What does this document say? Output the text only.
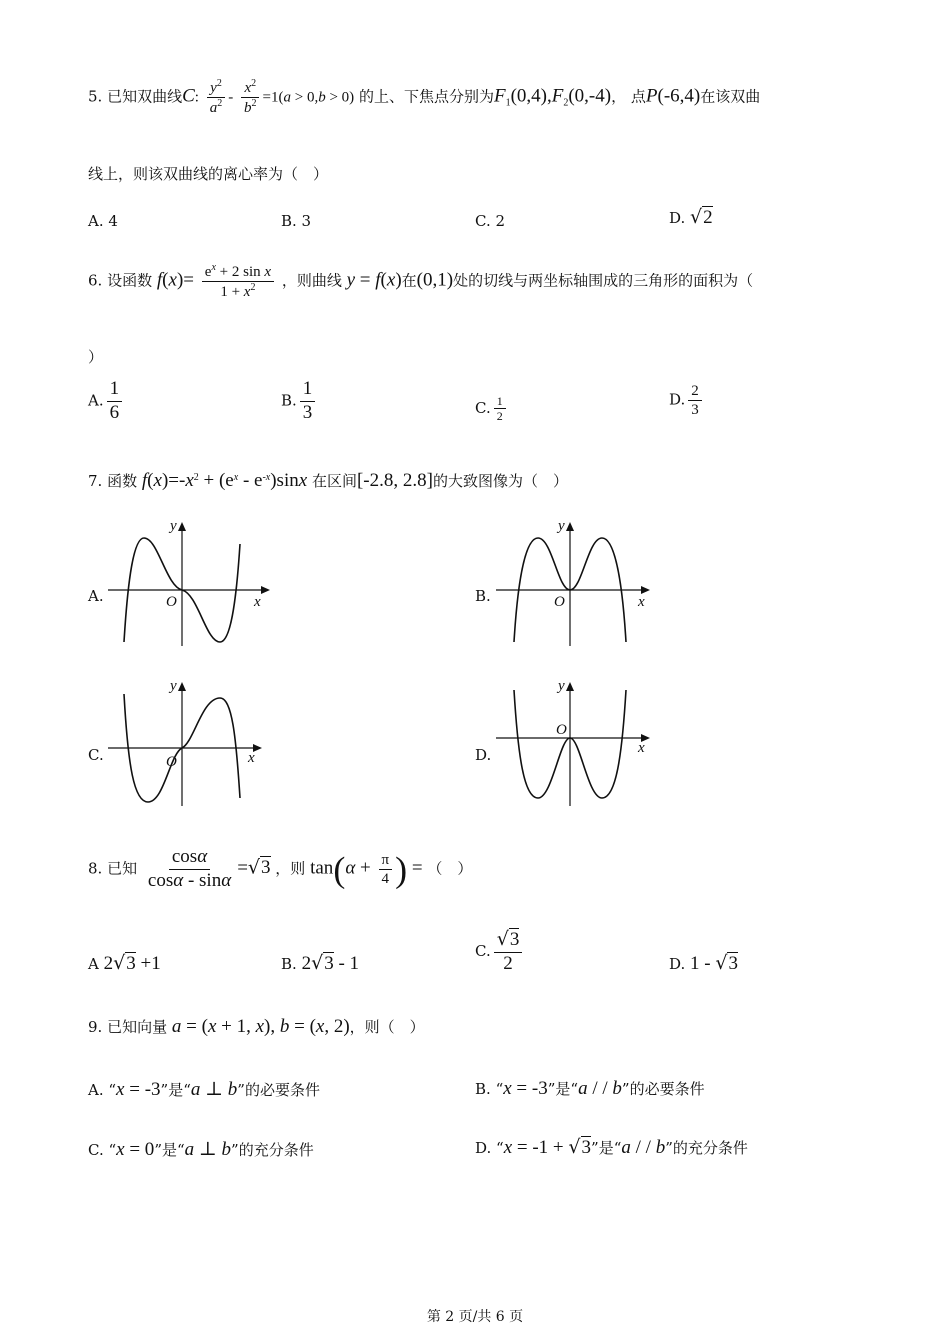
5. 已知双曲线C: $\frac{y^2}{a^2} - \frac{x^2}{b^2} =1(a > 0,b > 0)$ 的上、下焦点分别为$F_1(0,4),F_2(0,-4)$， 点P(-6,4)在该双曲
线上，则该双曲线的离心率为（　）
A. 4	B. 3	C. 2	D. √2
6. 设函数 $f(x)= \frac{e^x + 2 \sin x}{1 + x^2}$ ，则曲线 y = f(x)在(0,1)处的切线与两坐标轴围成的三角形的面积为（
）
A. $\frac{1}{6}$	B. $\frac{1}{3}$	C. $\frac{1}{2}$	D. $\frac{2}{3}$
7. 函数 $f(x)=-x^2 + (e^x - e^{-x})\sin x$ 在区间[-2.8, 2.8]的大致图像为（　）
A.	x
y
O	B.	x
y
O
C.	x
y
O	D.	x
y
O
8. 已知 $\frac{\cos\alpha}{\cos\alpha - \sin\alpha} =√3$ ，则 $\tan(\alpha + \frac{\pi}{4}$ ) = （　）
A 2√3 +1	B. 2√3 - 1
C. $\frac{√3}{2}$	D. 1 - √3
9. 已知向量 a = (x + 1, x), b = (x, 2)，则（　）
A. “x = -3”是“a ⊥ b”的必要条件	B. “x = -3”是“a / / b”的必要条件
C. “x = 0”是“a ⊥ b”的充分条件	D. “x = -1 + √3”是“a / / b”的充分条件
第 2 页/共 6 页
